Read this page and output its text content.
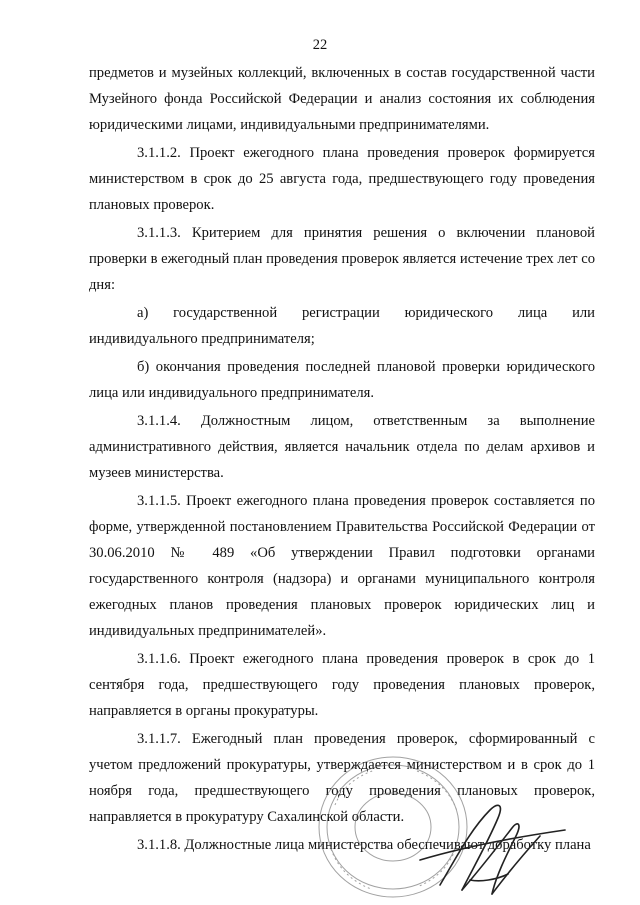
22

предметов и музейных коллекций, включенных в состав государственной части Музейного фонда Российской Федерации и анализ состояния их соблюдения юридическими лицами, индивидуальными предпринимателями.

3.1.1.2. Проект ежегодного плана проведения проверок формируется министерством в срок до 25 августа года, предшествующего году проведения плановых проверок.

3.1.1.3. Критерием для принятия решения о включении плановой проверки в ежегодный план проведения проверок является истечение трех лет со дня:

а) государственной регистрации юридического лица или индивидуального предпринимателя;

б) окончания проведения последней плановой проверки юридического лица или индивидуального предпринимателя.

3.1.1.4. Должностным лицом, ответственным за выполнение административного действия, является начальник отдела по делам архивов и музеев министерства.

3.1.1.5. Проект ежегодного плана проведения проверок составляется по форме, утвержденной постановлением Правительства Российской Федерации от 30.06.2010 № 489 «Об утверждении Правил подготовки органами государственного контроля (надзора) и органами муниципального контроля ежегодных планов проведения плановых проверок юридических лиц и индивидуальных предпринимателей».

3.1.1.6. Проект ежегодного плана проведения проверок в срок до 1 сентября года, предшествующего году проведения плановых проверок, направляется в органы прокуратуры.

3.1.1.7. Ежегодный план проведения проверок, сформированный с учетом предложений прокуратуры, утверждается министерством и в срок до 1 ноября года, предшествующего году проведения плановых проверок, направляется в прокуратуру Сахалинской области.

3.1.1.8. Должностные лица министерства обеспечивают доработку плана
